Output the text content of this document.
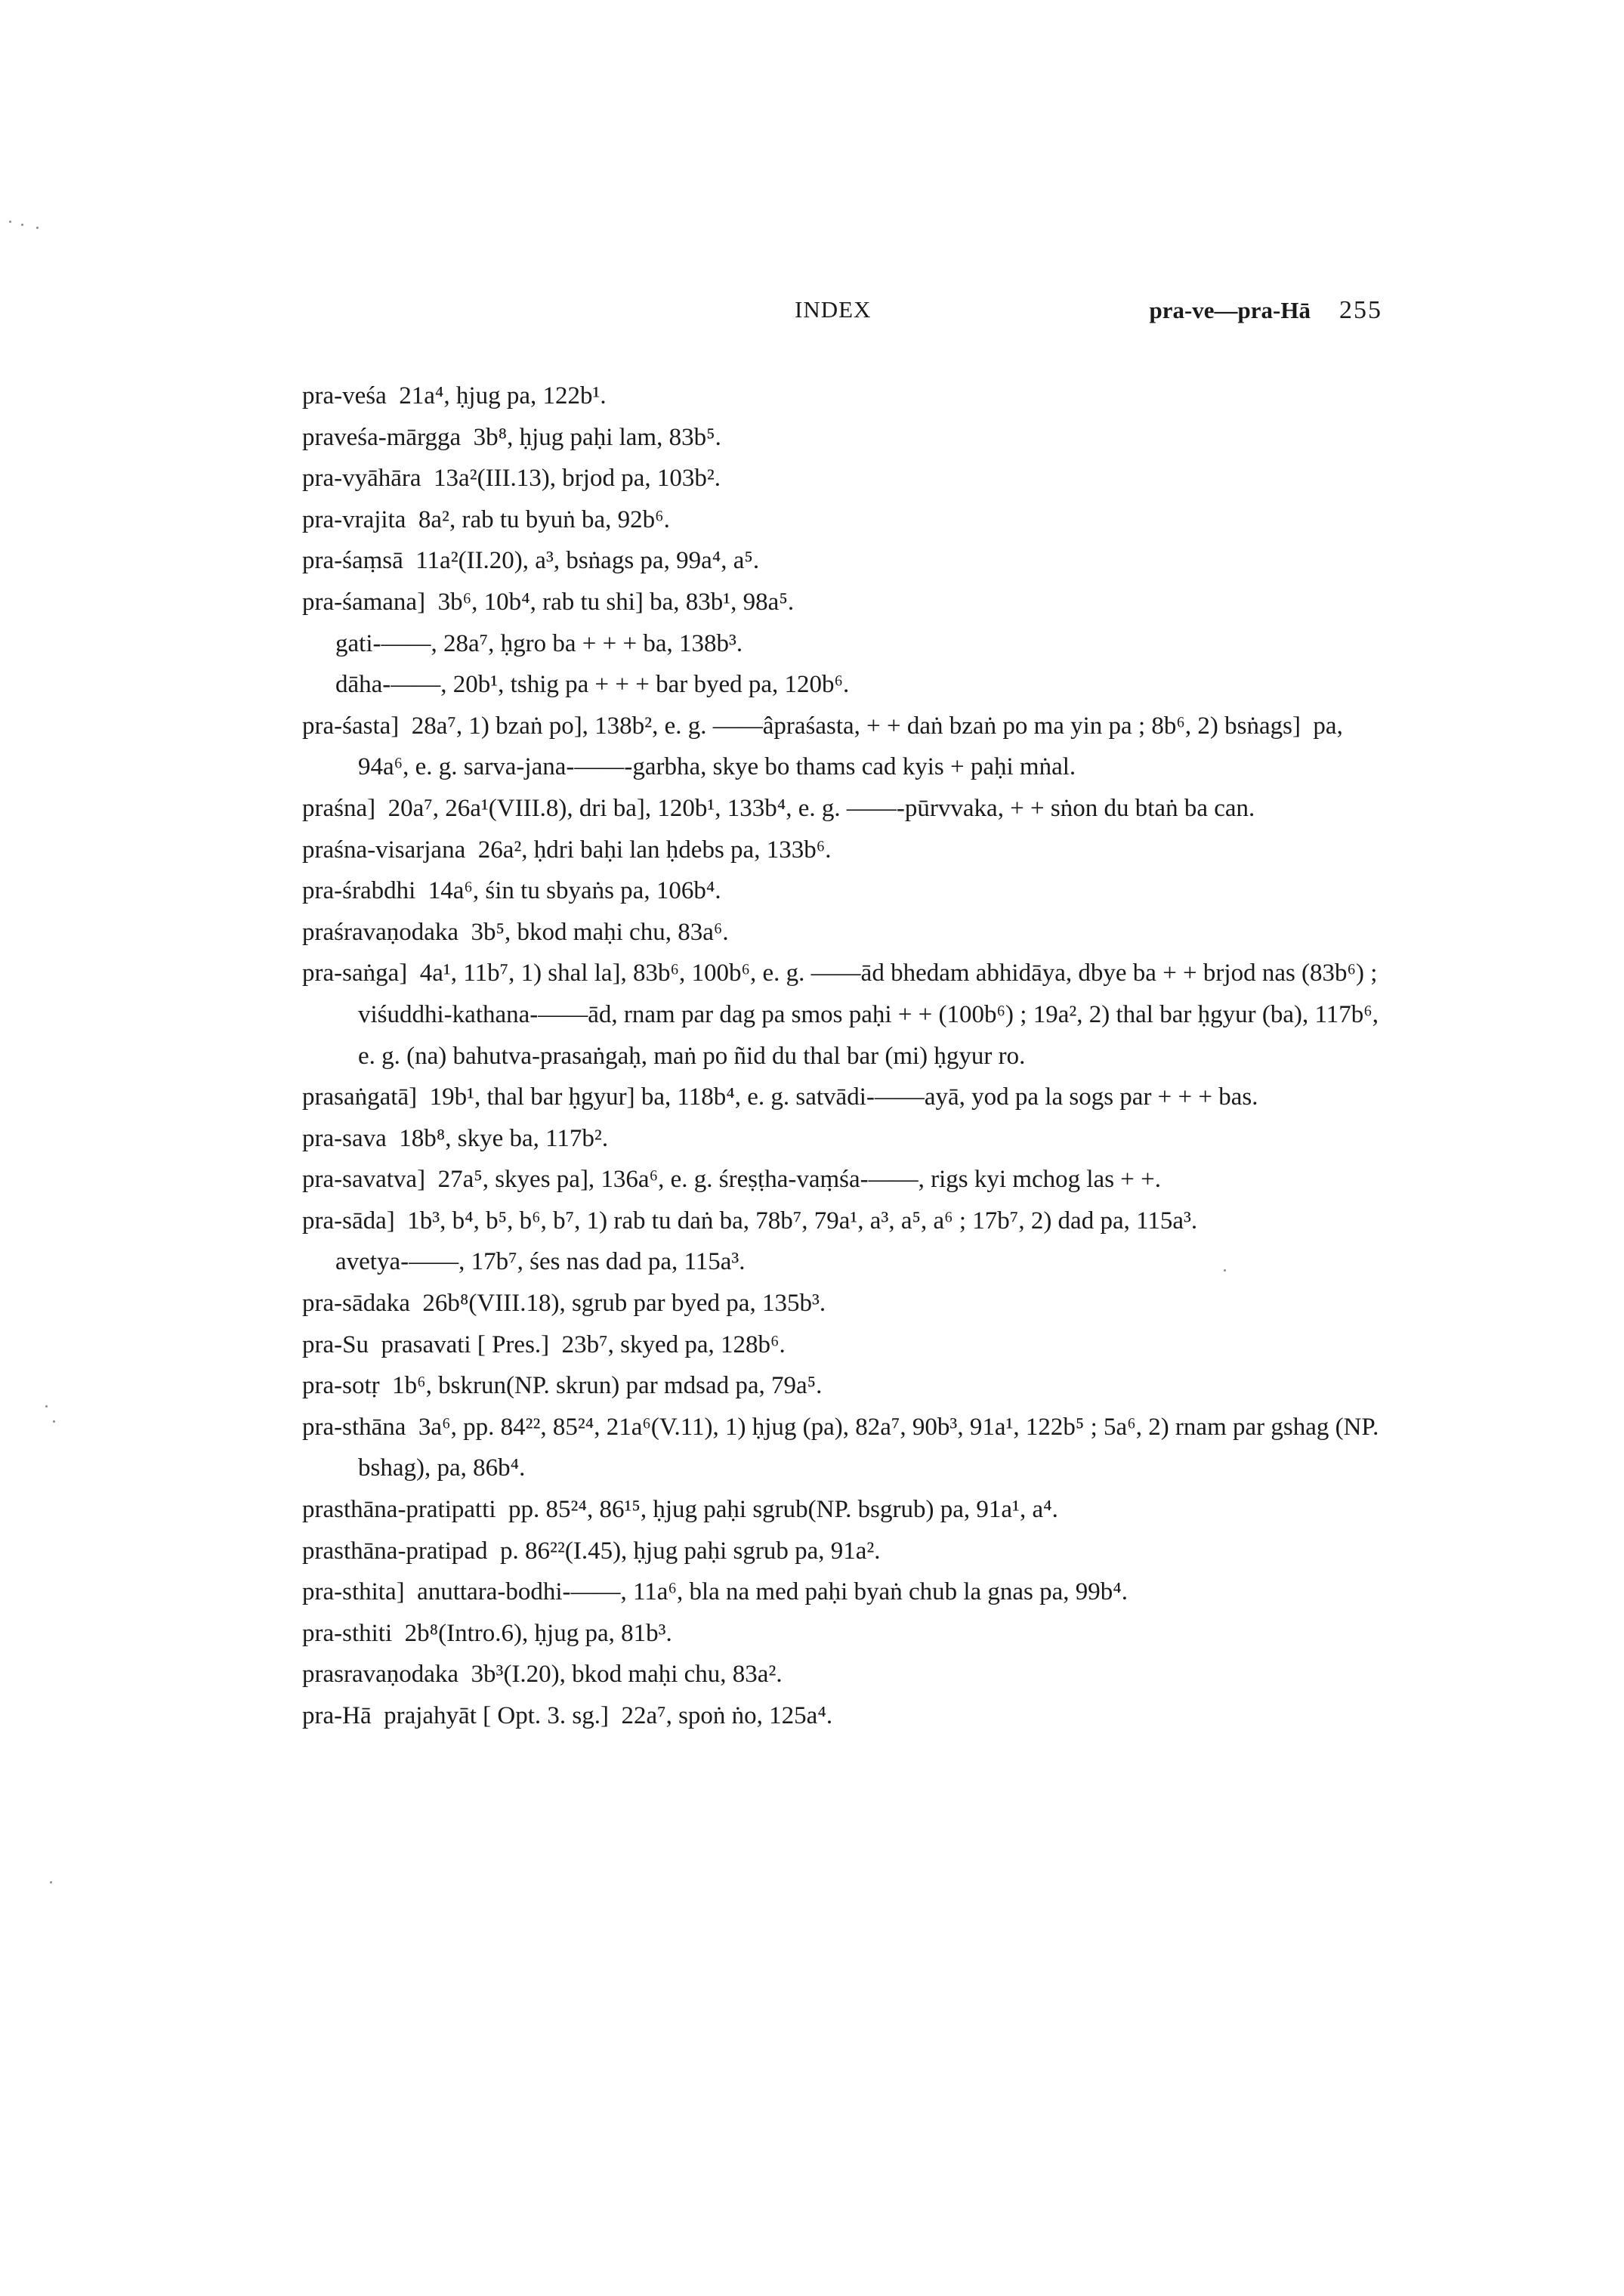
INDEX	pra-ve—pra-Hā 255

pra-veśa  21a⁴, ḥjug pa, 122b¹.

praveśa-mārgga  3b⁸, ḥjug paḥi lam, 83b⁵.

pra-vyāhāra  13a²(III.13), brjod pa, 103b².

pra-vrajita  8a², rab tu byuṅ ba, 92b⁶.

pra-śaṃsā  11a²(II.20), a³, bsṅags pa, 99a⁴, a⁵.

pra-śamana]  3b⁶, 10b⁴, rab tu shi] ba, 83b¹, 98a⁵.

gati-——, 28a⁷, ḥgro ba + + + ba, 138b³.

dāha-——, 20b¹, tshig pa + + + bar byed pa, 120b⁶.

pra-śasta]  28a⁷, 1) bzaṅ po], 138b², e. g. ——âpraśasta, + + daṅ bzaṅ po ma yin pa ; 8b⁶, 2) bsṅags]  pa, 94a⁶, e. g. sarva-jana-——-garbha, skye bo thams cad kyis + paḥi mṅal.

praśna]  20a⁷, 26a¹(VIII.8), dri ba], 120b¹, 133b⁴, e. g. ——-pūrvvaka, + + sṅon du btaṅ ba can.

praśna-visarjana  26a², ḥdri baḥi lan ḥdebs pa, 133b⁶.

pra-śrabdhi  14a⁶, śin tu sbyaṅs pa, 106b⁴.

praśravaṇodaka  3b⁵, bkod maḥi chu, 83a⁶.

pra-saṅga]  4a¹, 11b⁷, 1) shal la], 83b⁶, 100b⁶, e. g. ——ād bhedam abhidāya, dbye ba + + brjod nas (83b⁶) ; viśuddhi-kathana-——ād, rnam par dag pa smos paḥi + + (100b⁶) ; 19a², 2) thal bar ḥgyur (ba), 117b⁶, e. g. (na) bahutva-prasaṅgaḥ, maṅ po ñid du thal bar (mi) ḥgyur ro.

prasaṅgatā]  19b¹, thal bar ḥgyur] ba, 118b⁴, e. g. satvādi-——ayā, yod pa la sogs par + + + bas.

pra-sava  18b⁸, skye ba, 117b².

pra-savatva]  27a⁵, skyes pa], 136a⁶, e. g. śreṣṭha-vaṃśa-——, rigs kyi mchog las + +.

pra-sāda]  1b³, b⁴, b⁵, b⁶, b⁷, 1) rab tu daṅ ba, 78b⁷, 79a¹, a³, a⁵, a⁶ ; 17b⁷, 2) dad pa, 115a³.

avetya-——, 17b⁷, śes nas dad pa, 115a³.

pra-sādaka  26b⁸(VIII.18), sgrub par byed pa, 135b³.

pra-Su  prasavati [ Pres.]  23b⁷, skyed pa, 128b⁶.

pra-sotṛ  1b⁶, bskrun(NP. skrun) par mdsad pa, 79a⁵.

pra-sthāna  3a⁶, pp. 84²², 85²⁴, 21a⁶(V.11), 1) ḥjug (pa), 82a⁷, 90b³, 91a¹, 122b⁵ ; 5a⁶, 2) rnam par gshag (NP. bshag), pa, 86b⁴.

prasthāna-pratipatti  pp. 85²⁴, 86¹⁵, ḥjug paḥi sgrub(NP. bsgrub) pa, 91a¹, a⁴.

prasthāna-pratipad  p. 86²²(I.45), ḥjug paḥi sgrub pa, 91a².

pra-sthita]  anuttara-bodhi-——, 11a⁶, bla na med paḥi byaṅ chub la gnas pa, 99b⁴.

pra-sthiti  2b⁸(Intro.6), ḥjug pa, 81b³.

prasravaṇodaka  3b³(I.20), bkod maḥi chu, 83a².

pra-Hā  prajahyāt [ Opt. 3. sg.]  22a⁷, spoṅ ṅo, 125a⁴.
